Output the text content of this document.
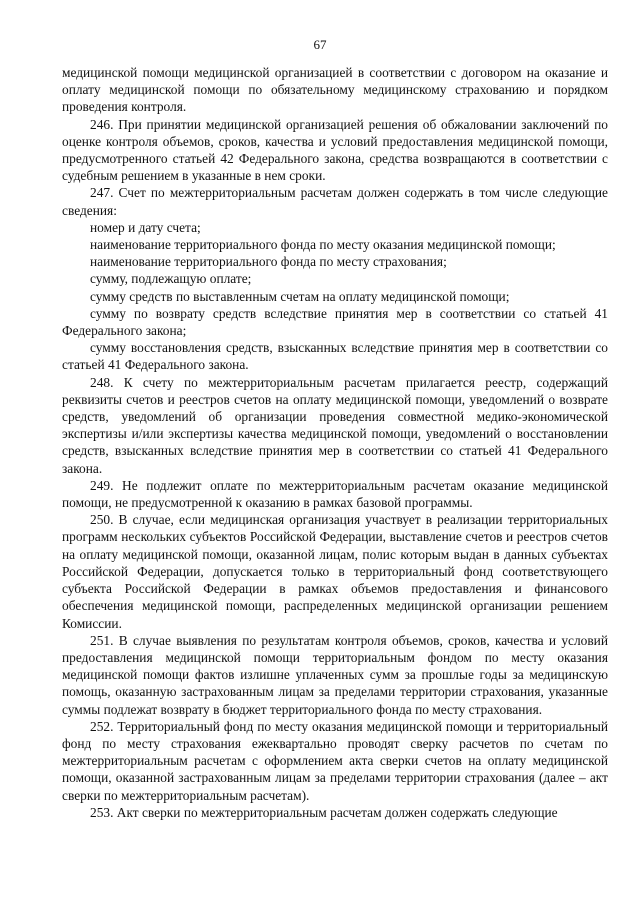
67

медицинской помощи медицинской организацией в соответствии с договором на оказание и оплату медицинской помощи по обязательному медицинскому страхованию и порядком проведения контроля.

246. При принятии медицинской организацией решения об обжаловании заключений по оценке контроля объемов, сроков, качества и условий предоставления медицинской помощи, предусмотренного статьей 42 Федерального закона, средства возвращаются в соответствии с судебным решением в указанные в нем сроки.

247. Счет по межтерриториальным расчетам должен содержать в том числе следующие сведения:

номер и дату счета;

наименование территориального фонда по месту оказания медицинской помощи;

наименование территориального фонда по месту страхования;

сумму, подлежащую оплате;

сумму средств по выставленным счетам на оплату медицинской помощи;

сумму по возврату средств вследствие принятия мер в соответствии со статьей 41 Федерального закона;

сумму восстановления средств, взысканных вследствие принятия мер в соответствии со статьей 41 Федерального закона.

248. К счету по межтерриториальным расчетам прилагается реестр, содержащий реквизиты счетов и реестров счетов на оплату медицинской помощи, уведомлений о возврате средств, уведомлений об организации проведения совместной медико-экономической экспертизы и/или экспертизы качества медицинской помощи, уведомлений о восстановлении средств, взысканных вследствие принятия мер в соответствии со статьей 41 Федерального закона.

249. Не подлежит оплате по межтерриториальным расчетам оказание медицинской помощи, не предусмотренной к оказанию в рамках базовой программы.

250. В случае, если медицинская организация участвует в реализации территориальных программ нескольких субъектов Российской Федерации, выставление счетов и реестров счетов на оплату медицинской помощи, оказанной лицам, полис которым выдан в данных субъектах Российской Федерации, допускается только в территориальный фонд соответствующего субъекта Российской Федерации в рамках объемов предоставления и финансового обеспечения медицинской помощи, распределенных медицинской организации решением Комиссии.

251. В случае выявления по результатам контроля объемов, сроков, качества и условий предоставления медицинской помощи территориальным фондом по месту оказания медицинской помощи фактов излишне уплаченных сумм за прошлые годы за медицинскую помощь, оказанную застрахованным лицам за пределами территории страхования, указанные суммы подлежат возврату в бюджет территориального фонда по месту страхования.

252. Территориальный фонд по месту оказания медицинской помощи и территориальный фонд по месту страхования ежеквартально проводят сверку расчетов по счетам по межтерриториальным расчетам с оформлением акта сверки счетов на оплату медицинской помощи, оказанной застрахованным лицам за пределами территории страхования (далее – акт сверки по межтерриториальным расчетам).

253. Акт сверки по межтерриториальным расчетам должен содержать следующие
